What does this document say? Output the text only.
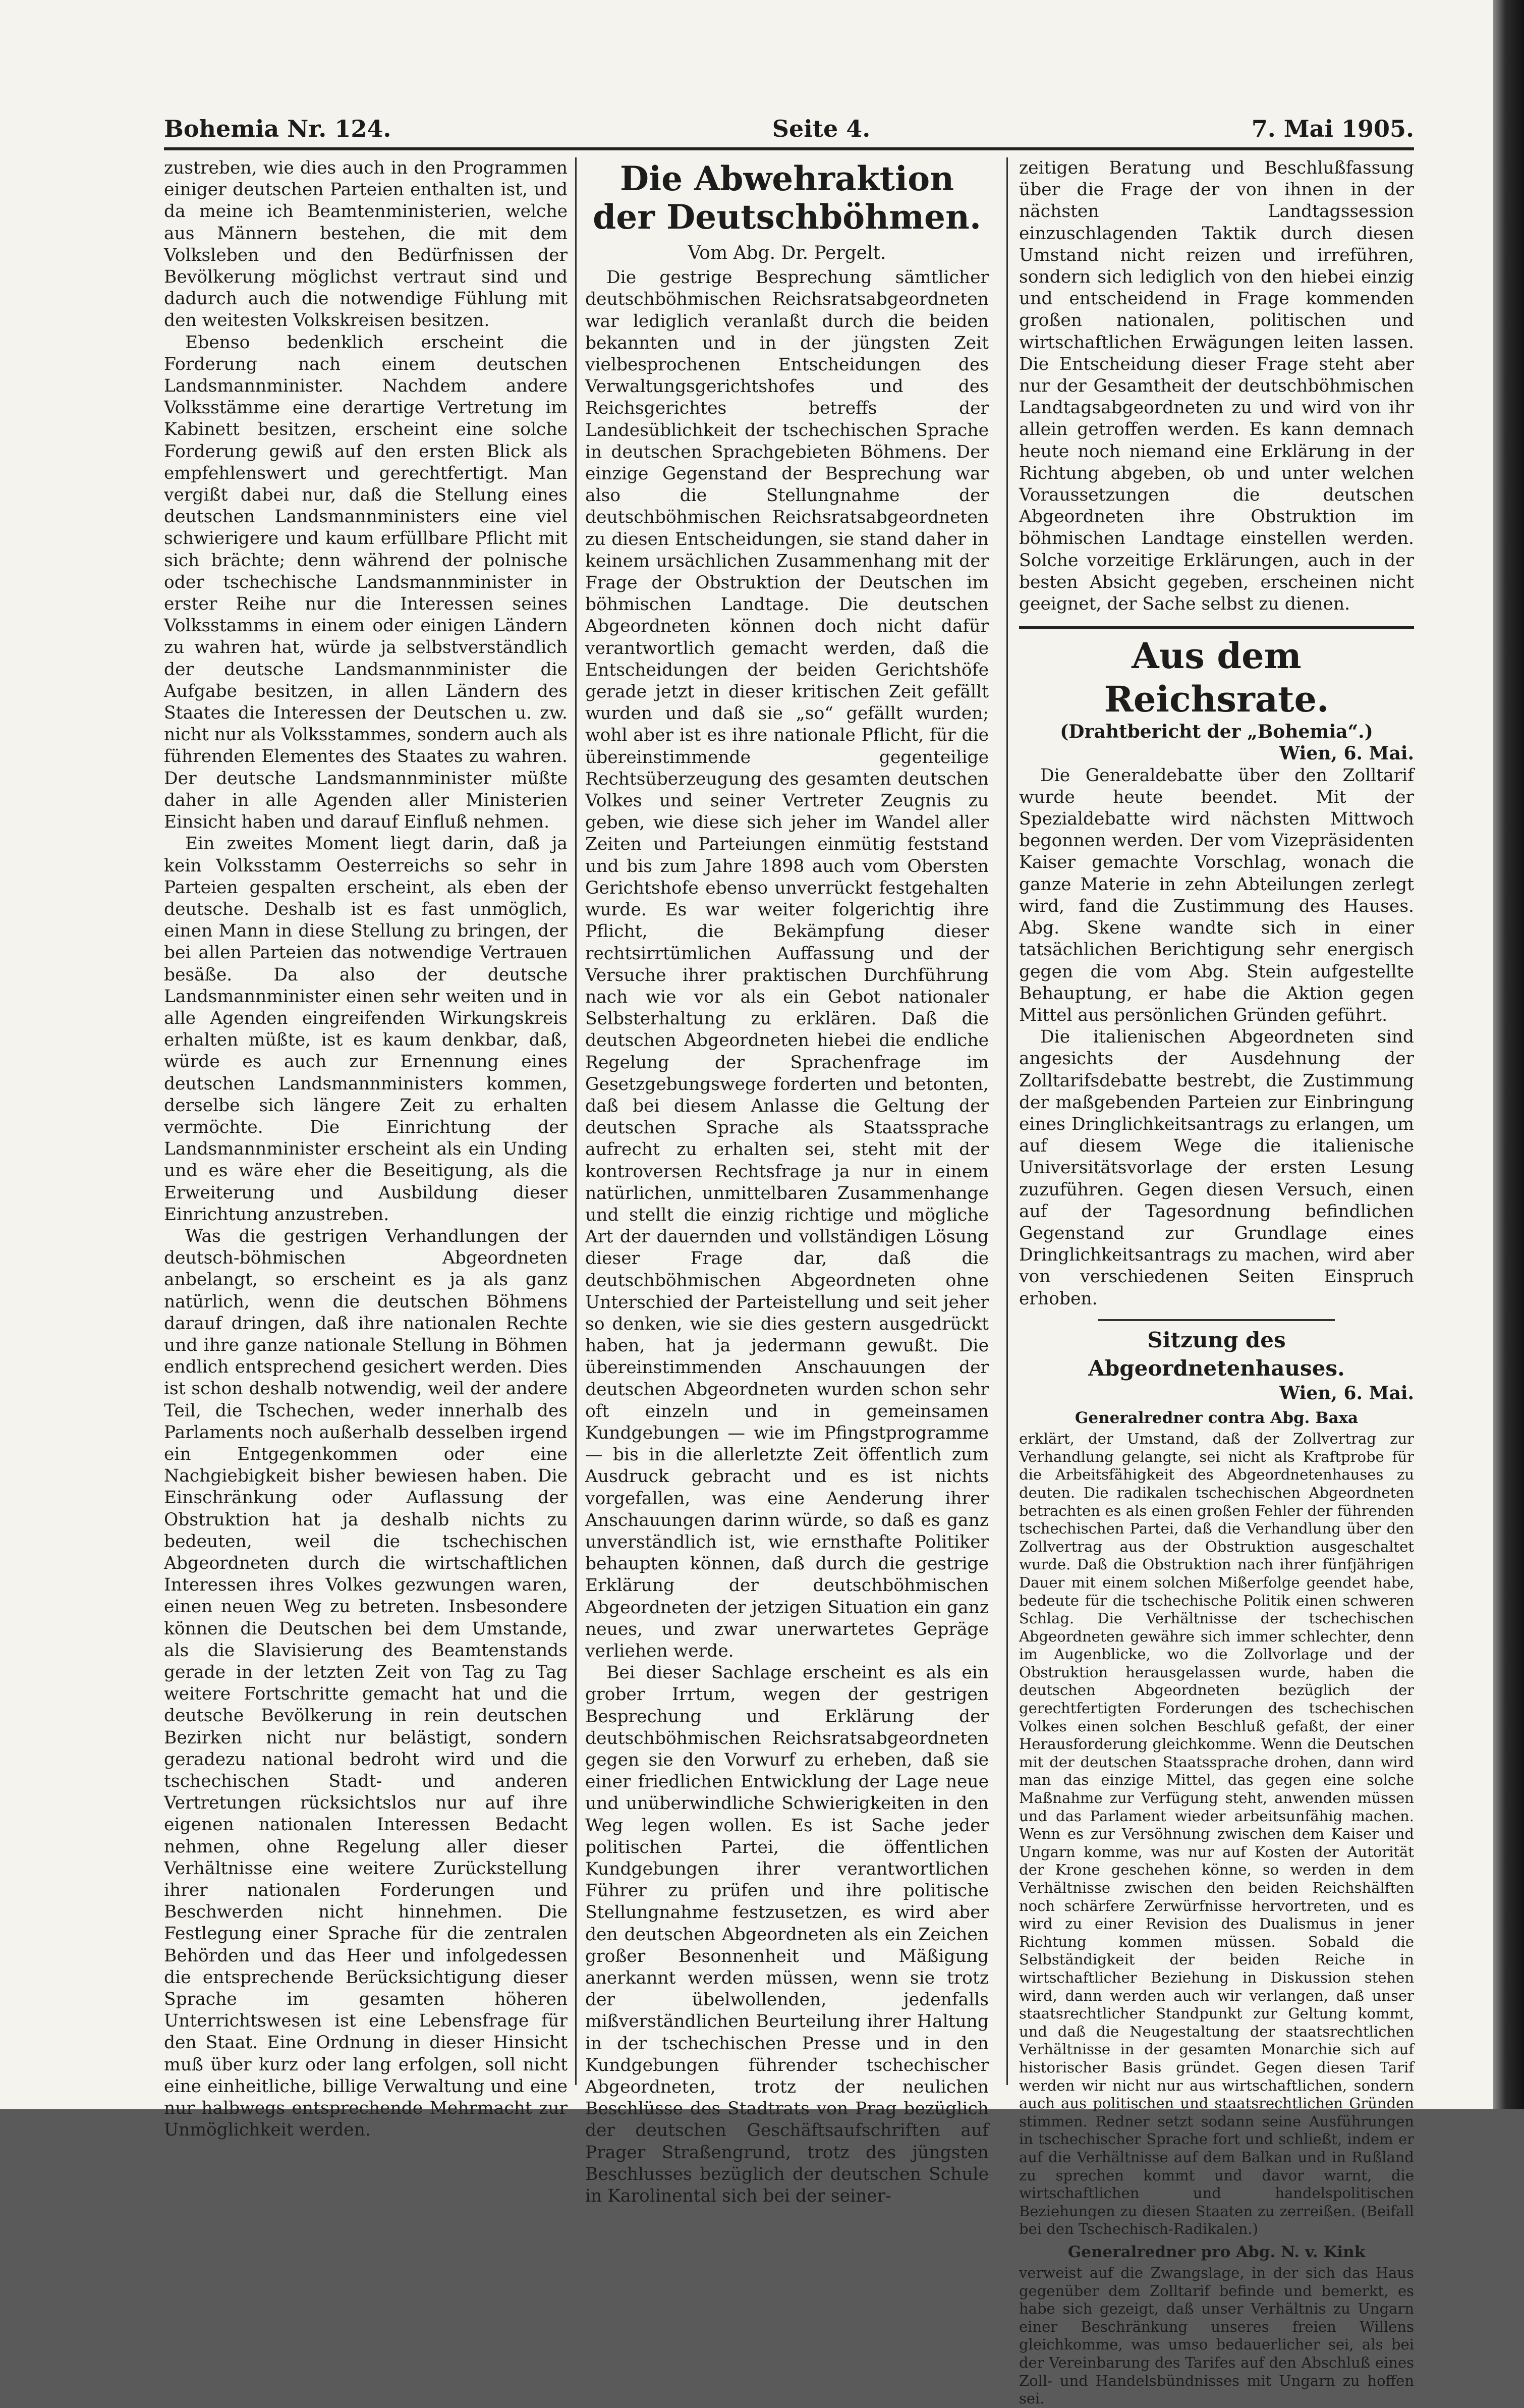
Bohemia Nr. 124.	Seite 4.	7. Mai 1905.

zustreben, wie dies auch in den Programmen einiger deutschen Parteien enthalten ist, und da meine ich Beamtenministerien, welche aus Männern bestehen, die mit dem Volksleben und den Bedürfnissen der Bevölkerung möglichst vertraut sind und dadurch auch die notwendige Fühlung mit den weitesten Volkskreisen besitzen.

Ebenso bedenklich erscheint die Forderung nach einem deutschen Landsmannminister. Nachdem andere Volksstämme eine derartige Vertretung im Kabinett besitzen, erscheint eine solche Forderung gewiß auf den ersten Blick als empfehlenswert und gerechtfertigt. Man vergißt dabei nur, daß die Stellung eines deutschen Landsmannministers eine viel schwierigere und kaum erfüllbare Pflicht mit sich brächte; denn während der polnische oder tschechische Landsmannminister in erster Reihe nur die Interessen seines Volksstamms in einem oder einigen Ländern zu wahren hat, würde ja selbstverständlich der deutsche Landsmannminister die Aufgabe besitzen, in allen Ländern des Staates die Interessen der Deutschen u. zw. nicht nur als Volksstammes, sondern auch als führenden Elementes des Staates zu wahren. Der deutsche Landsmannminister müßte daher in alle Agenden aller Ministerien Einsicht haben und darauf Einfluß nehmen.

Ein zweites Moment liegt darin, daß ja kein Volksstamm Oesterreichs so sehr in Parteien gespalten erscheint, als eben der deutsche. Deshalb ist es fast unmöglich, einen Mann in diese Stellung zu bringen, der bei allen Parteien das notwendige Vertrauen besäße. Da also der deutsche Landsmannminister einen sehr weiten und in alle Agenden eingreifenden Wirkungskreis erhalten müßte, ist es kaum denkbar, daß, würde es auch zur Ernennung eines deutschen Landsmannministers kommen, derselbe sich längere Zeit zu erhalten vermöchte. Die Einrichtung der Landsmannminister erscheint als ein Unding und es wäre eher die Beseitigung, als die Erweiterung und Ausbildung dieser Einrichtung anzustreben.

Was die gestrigen Verhandlungen der deutsch-böhmischen Abgeordneten anbelangt, so erscheint es ja als ganz natürlich, wenn die deutschen Böhmens darauf dringen, daß ihre nationalen Rechte und ihre ganze nationale Stellung in Böhmen endlich entsprechend gesichert werden. Dies ist schon deshalb notwendig, weil der andere Teil, die Tschechen, weder innerhalb des Parlaments noch außerhalb desselben irgend ein Entgegenkommen oder eine Nachgiebigkeit bisher bewiesen haben. Die Einschränkung oder Auflassung der Obstruktion hat ja deshalb nichts zu bedeuten, weil die tschechischen Abgeordneten durch die wirtschaftlichen Interessen ihres Volkes gezwungen waren, einen neuen Weg zu betreten. Insbesondere können die Deutschen bei dem Umstande, als die Slavisierung des Beamtenstands gerade in der letzten Zeit von Tag zu Tag weitere Fortschritte gemacht hat und die deutsche Bevölkerung in rein deutschen Bezirken nicht nur belästigt, sondern geradezu national bedroht wird und die tschechischen Stadt- und anderen Vertretungen rücksichtslos nur auf ihre eigenen nationalen Interessen Bedacht nehmen, ohne Regelung aller dieser Verhältnisse eine weitere Zurückstellung ihrer nationalen Forderungen und Beschwerden nicht hinnehmen. Die Festlegung einer Sprache für die zentralen Behörden und das Heer und infolgedessen die entsprechende Berücksichtigung dieser Sprache im gesamten höheren Unterrichtswesen ist eine Lebensfrage für den Staat. Eine Ordnung in dieser Hinsicht muß über kurz oder lang erfolgen, soll nicht eine einheitliche, billige Verwaltung und eine nur halbwegs entsprechende Mehrmacht zur Unmöglichkeit werden.

Die Abwehraktion der Deutschböhmen.
Vom Abg. Dr. Pergelt.

Die gestrige Besprechung sämtlicher deutschböhmischen Reichsratsabgeordneten war lediglich veranlaßt durch die beiden bekannten und in der jüngsten Zeit vielbesprochenen Entscheidungen des Verwaltungsgerichtshofes und des Reichsgerichtes betreffs der Landesüblichkeit der tschechischen Sprache in deutschen Sprachgebieten Böhmens. Der einzige Gegenstand der Besprechung war also die Stellungnahme der deutschböhmischen Reichsratsabgeordneten zu diesen Entscheidungen, sie stand daher in keinem ursächlichen Zusammenhang mit der Frage der Obstruktion der Deutschen im böhmischen Landtage. Die deutschen Abgeordneten können doch nicht dafür verantwortlich gemacht werden, daß die Entscheidungen der beiden Gerichtshöfe gerade jetzt in dieser kritischen Zeit gefällt wurden und daß sie „so“ gefällt wurden; wohl aber ist es ihre nationale Pflicht, für die übereinstimmende gegenteilige Rechtsüberzeugung des gesamten deutschen Volkes und seiner Vertreter Zeugnis zu geben, wie diese sich jeher im Wandel aller Zeiten und Parteiungen einmütig feststand und bis zum Jahre 1898 auch vom Obersten Gerichtshofe ebenso unverrückt festgehalten wurde. Es war weiter folgerichtig ihre Pflicht, die Bekämpfung dieser rechtsirrtümlichen Auffassung und der Versuche ihrer praktischen Durchführung nach wie vor als ein Gebot nationaler Selbsterhaltung zu erklären. Daß die deutschen Abgeordneten hiebei die endliche Regelung der Sprachenfrage im Gesetzgebungswege forderten und betonten, daß bei diesem Anlasse die Geltung der deutschen Sprache als Staatssprache aufrecht zu erhalten sei, steht mit der kontroversen Rechtsfrage ja nur in einem natürlichen, unmittelbaren Zusammenhange und stellt die einzig richtige und mögliche Art der dauernden und vollständigen Lösung dieser Frage dar, daß die deutschböhmischen Abgeordneten ohne Unterschied der Parteistellung und seit jeher so denken, wie sie dies gestern ausgedrückt haben, hat ja jedermann gewußt. Die übereinstimmenden Anschauungen der deutschen Abgeordneten wurden schon sehr oft einzeln und in gemeinsamen Kundgebungen — wie im Pfingstprogramme — bis in die allerletzte Zeit öffentlich zum Ausdruck gebracht und es ist nichts vorgefallen, was eine Aenderung ihrer Anschauungen darinn würde, so daß es ganz unverständlich ist, wie ernsthafte Politiker behaupten können, daß durch die gestrige Erklärung der deutschböhmischen Abgeordneten der jetzigen Situation ein ganz neues, und zwar unerwartetes Gepräge verliehen werde.

Bei dieser Sachlage erscheint es als ein grober Irrtum, wegen der gestrigen Besprechung und Erklärung der deutschböhmischen Reichsratsabgeordneten gegen sie den Vorwurf zu erheben, daß sie einer friedlichen Entwicklung der Lage neue und unüberwindliche Schwierigkeiten in den Weg legen wollen. Es ist Sache jeder politischen Partei, die öffentlichen Kundgebungen ihrer verantwortlichen Führer zu prüfen und ihre politische Stellungnahme festzusetzen, es wird aber den deutschen Abgeordneten als ein Zeichen großer Besonnenheit und Mäßigung anerkannt werden müssen, wenn sie trotz der übelwollenden, jedenfalls mißverständlichen Beurteilung ihrer Haltung in der tschechischen Presse und in den Kundgebungen führender tschechischer Abgeordneten, trotz der neulichen Beschlüsse des Stadtrats von Prag bezüglich der deutschen Geschäftsaufschriften auf Prager Straßengrund, trotz des jüngsten Beschlusses bezüglich der deutschen Schule in Karolinental sich bei der seiner-

zeitigen Beratung und Beschlußfassung über die Frage der von ihnen in der nächsten Landtagssession einzuschlagenden Taktik durch diesen Umstand nicht reizen und irreführen, sondern sich lediglich von den hiebei einzig und entscheidend in Frage kommenden großen nationalen, politischen und wirtschaftlichen Erwägungen leiten lassen. Die Entscheidung dieser Frage steht aber nur der Gesamtheit der deutschböhmischen Landtagsabgeordneten zu und wird von ihr allein getroffen werden. Es kann demnach heute noch niemand eine Erklärung in der Richtung abgeben, ob und unter welchen Voraussetzungen die deutschen Abgeordneten ihre Obstruktion im böhmischen Landtage einstellen werden. Solche vorzeitige Erklärungen, auch in der besten Absicht gegeben, erscheinen nicht geeignet, der Sache selbst zu dienen.

Aus dem Reichsrate.
(Drahtbericht der „Bohemia“.)
Wien, 6. Mai.

Die Generaldebatte über den Zolltarif wurde heute beendet. Mit der Spezialdebatte wird nächsten Mittwoch begonnen werden. Der vom Vizepräsidenten Kaiser gemachte Vorschlag, wonach die ganze Materie in zehn Abteilungen zerlegt wird, fand die Zustimmung des Hauses. Abg. Skene wandte sich in einer tatsächlichen Berichtigung sehr energisch gegen die vom Abg. Stein aufgestellte Behauptung, er habe die Aktion gegen Mittel aus persönlichen Gründen geführt.

Die italienischen Abgeordneten sind angesichts der Ausdehnung der Zolltarifsdebatte bestrebt, die Zustimmung der maßgebenden Parteien zur Einbringung eines Dringlichkeitsantrags zu erlangen, um auf diesem Wege die italienische Universitätsvorlage der ersten Lesung zuzuführen. Gegen diesen Versuch, einen auf der Tagesordnung befindlichen Gegenstand zur Grundlage eines Dringlichkeitsantrags zu machen, wird aber von verschiedenen Seiten Einspruch erhoben.

Sitzung des Abgeordnetenhauses.
Wien, 6. Mai.
Generalredner contra Abg. Baxa

erklärt, der Umstand, daß der Zollvertrag zur Verhandlung gelangte, sei nicht als Kraftprobe für die Arbeitsfähigkeit des Abgeordnetenhauses zu deuten. Die radikalen tschechischen Abgeordneten betrachten es als einen großen Fehler der führenden tschechischen Partei, daß die Verhandlung über den Zollvertrag aus der Obstruktion ausgeschaltet wurde. Daß die Obstruktion nach ihrer fünfjährigen Dauer mit einem solchen Mißerfolge geendet habe, bedeute für die tschechische Politik einen schweren Schlag. Die Verhältnisse der tschechischen Abgeordneten gewähre sich immer schlechter, denn im Augenblicke, wo die Zollvorlage und der Obstruktion herausgelassen wurde, haben die deutschen Abgeordneten bezüglich der gerechtfertigten Forderungen des tschechischen Volkes einen solchen Beschluß gefaßt, der einer Herausforderung gleichkomme. Wenn die Deutschen mit der deutschen Staatssprache drohen, dann wird man das einzige Mittel, das gegen eine solche Maßnahme zur Verfügung steht, anwenden müssen und das Parlament wieder arbeitsunfähig machen. Wenn es zur Versöhnung zwischen dem Kaiser und Ungarn komme, was nur auf Kosten der Autorität der Krone geschehen könne, so werden in dem Verhältnisse zwischen den beiden Reichshälften noch schärfere Zerwürfnisse hervortreten, und es wird zu einer Revision des Dualismus in jener Richtung kommen müssen. Sobald die Selbständigkeit der beiden Reiche in wirtschaftlicher Beziehung in Diskussion stehen wird, dann werden auch wir verlangen, daß unser staatsrechtlicher Standpunkt zur Geltung kommt, und daß die Neugestaltung der staatsrechtlichen Verhältnisse in der gesamten Monarchie sich auf historischer Basis gründet. Gegen diesen Tarif werden wir nicht nur aus wirtschaftlichen, sondern auch aus politischen und staatsrechtlichen Gründen stimmen. Redner setzt sodann seine Ausführungen in tschechischer Sprache fort und schließt, indem er auf die Verhältnisse auf dem Balkan und in Rußland zu sprechen kommt und davor warnt, die wirtschaftlichen und handelspolitischen Beziehungen zu diesen Staaten zu zerreißen. (Beifall bei den Tschechisch-Radikalen.)

Generalredner pro Abg. N. v. Kink

verweist auf die Zwangslage, in der sich das Haus gegenüber dem Zolltarif befinde und bemerkt, es habe sich gezeigt, daß unser Verhältnis zu Ungarn einer Beschränkung unseres freien Willens gleichkomme, was umso bedauerlicher sei, als bei der Vereinbarung des Tarifes auf den Abschluß eines Zoll- und Handelsbündnisses mit Ungarn zu hoffen sei.
